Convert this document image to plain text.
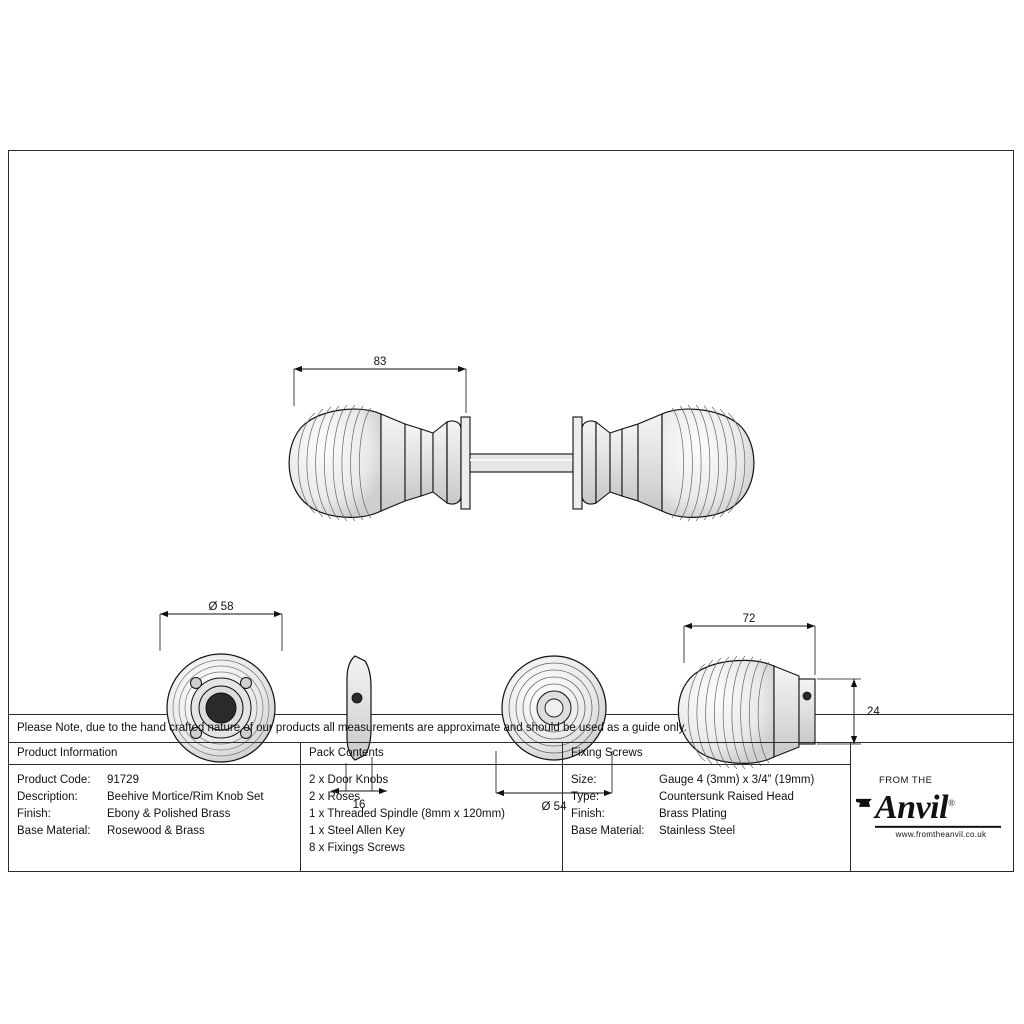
83
Ø 58
16	Ø 54
72
24
Please Note, due to the hand crafted nature of our products all measurements are approximate and should be used as a guide only.
Product Information
Product Code:	91729
Description:	Beehive Mortice/Rim Knob Set
Finish:	Ebony & Polished Brass
Base Material:	Rosewood & Brass
Pack Contents
2 x Door Knobs
2 x Roses
1 x Threaded Spindle (8mm x 120mm)
1 x Steel Allen Key
8 x Fixings Screws
Fixing Screws
Size:	Gauge 4 (3mm) x 3/4” (19mm)
Type:	Countersunk Raised Head
Finish:	Brass Plating
Base Material:	Stainless Steel
FROM THE
Anvil®
www.fromtheanvil.co.uk
